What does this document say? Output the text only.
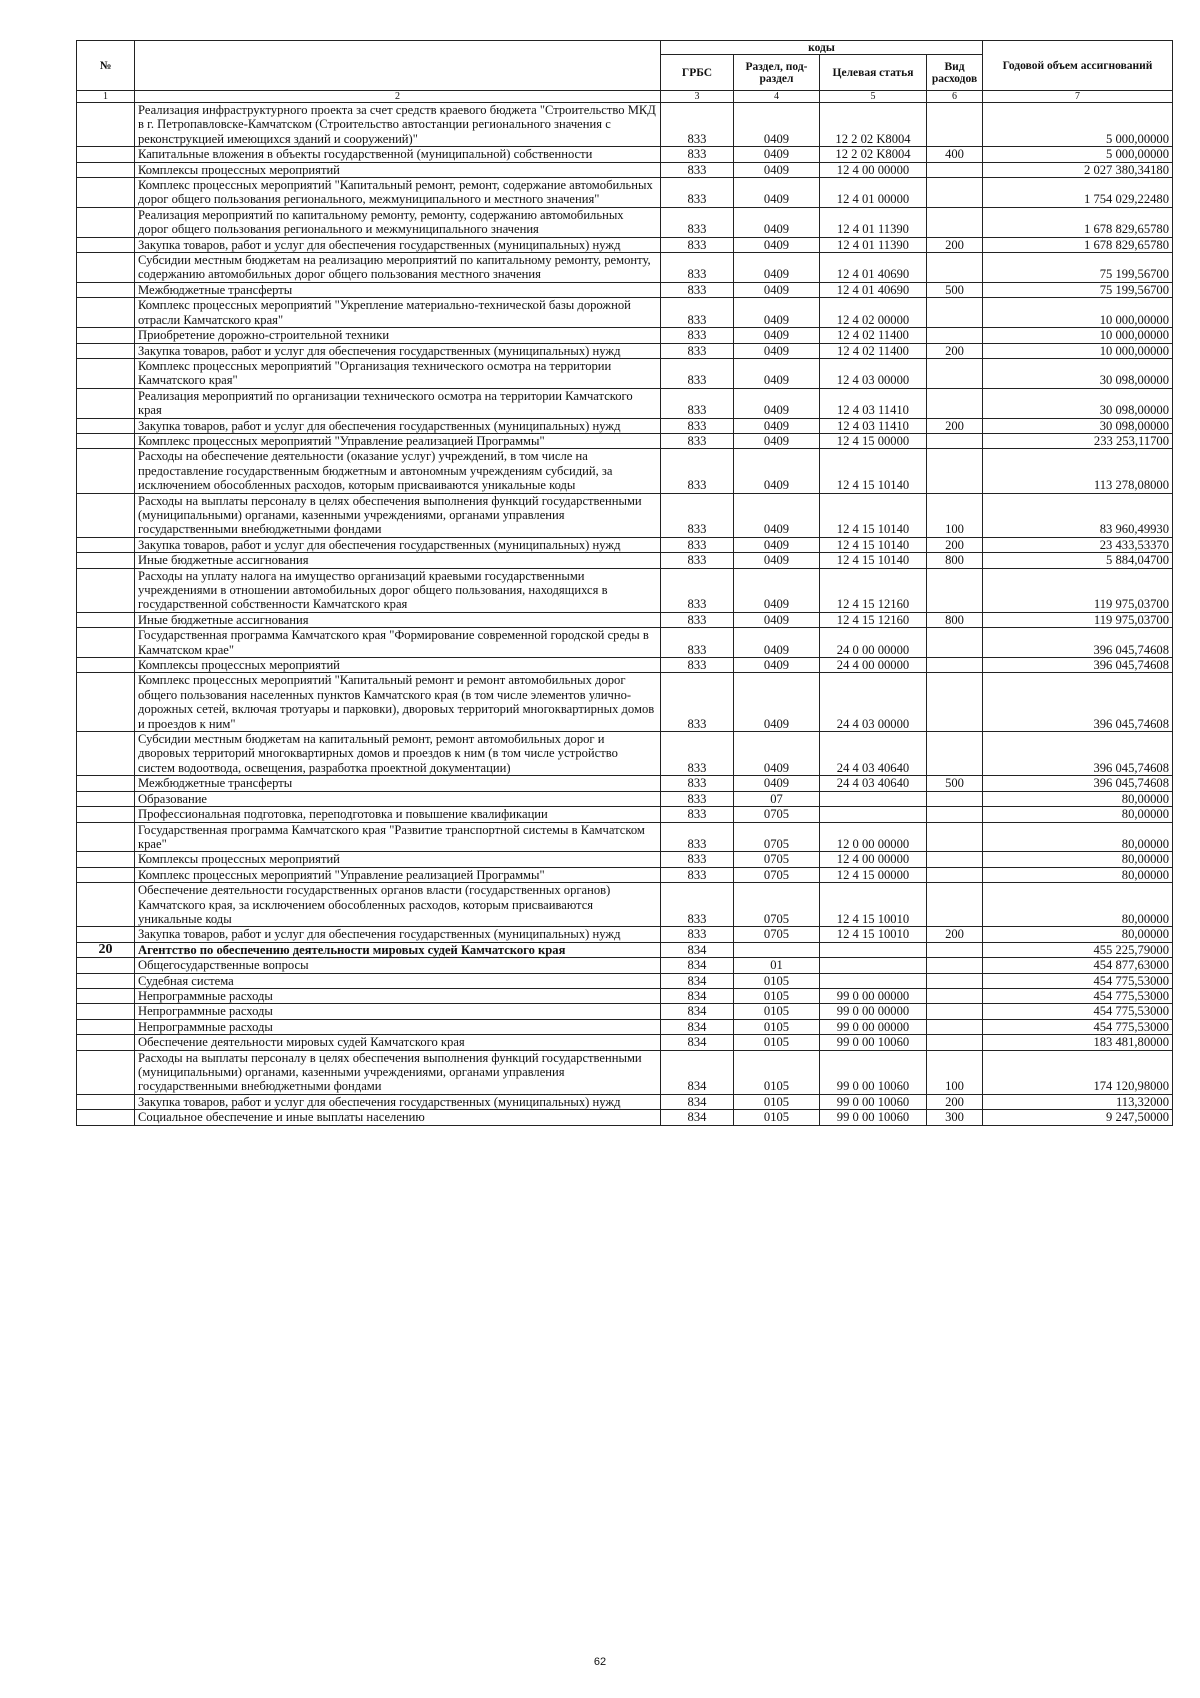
№		коды				Годовой объем ассигнований
		ГРБС	Раздел, под-раздел	Целевая статья	Вид расходов	
1	2	3	4	5	6	7
	Реализация инфраструктурного проекта за счет средств краевого бюджета "Строительство МКД в г. Петропавловске-Камчатском (Строительство автостанции регионального значения с реконструкцией имеющихся зданий и сооружений)"	833	0409	12 2 02 K8004		5 000,00000
	Капитальные вложения в объекты государственной (муниципальной) собственности	833	0409	12 2 02 K8004	400	5 000,00000
	Комплексы процессных мероприятий	833	0409	12 4 00 00000		2 027 380,34180
	Комплекс процессных мероприятий "Капитальный ремонт, ремонт, содержание автомобильных дорог общего пользования регионального, межмуниципального и местного значения"	833	0409	12 4 01 00000		1 754 029,22480
	Реализация мероприятий по капитальному ремонту, ремонту, содержанию автомобильных дорог общего пользования регионального и межмуниципального значения	833	0409	12 4 01 11390		1 678 829,65780
	Закупка товаров, работ и услуг для обеспечения государственных (муниципальных) нужд	833	0409	12 4 01 11390	200	1 678 829,65780
	Субсидии местным бюджетам на реализацию мероприятий по капитальному ремонту, ремонту, содержанию автомобильных дорог общего пользования местного значения	833	0409	12 4 01 40690		75 199,56700
	Межбюджетные трансферты	833	0409	12 4 01 40690	500	75 199,56700
	Комплекс процессных мероприятий "Укрепление материально-технической базы дорожной отрасли Камчатского края"	833	0409	12 4 02 00000		10 000,00000
	Приобретение дорожно-строительной техники	833	0409	12 4 02 11400		10 000,00000
	Закупка товаров, работ и услуг для обеспечения государственных (муниципальных) нужд	833	0409	12 4 02 11400	200	10 000,00000
	Комплекс процессных мероприятий "Организация технического осмотра на территории Камчатского края"	833	0409	12 4 03 00000		30 098,00000
	Реализация мероприятий по организации технического осмотра на территории Камчатского края	833	0409	12 4 03 11410		30 098,00000
	Закупка товаров, работ и услуг для обеспечения государственных (муниципальных) нужд	833	0409	12 4 03 11410	200	30 098,00000
	Комплекс процессных мероприятий "Управление реализацией Программы"	833	0409	12 4 15 00000		233 253,11700
	Расходы на обеспечение деятельности (оказание услуг) учреждений, в том числе на предоставление государственным бюджетным и автономным учреждениям субсидий, за исключением обособленных расходов, которым присваиваются уникальные коды	833	0409	12 4 15 10140		113 278,08000
	Расходы на выплаты персоналу в целях обеспечения выполнения функций государственными (муниципальными) органами, казенными учреждениями, органами управления государственными внебюджетными фондами	833	0409	12 4 15 10140	100	83 960,49930
	Закупка товаров, работ и услуг для обеспечения государственных (муниципальных) нужд	833	0409	12 4 15 10140	200	23 433,53370
	Иные бюджетные ассигнования	833	0409	12 4 15 10140	800	5 884,04700
	Расходы на уплату налога на имущество организаций краевыми государственными учреждениями в отношении автомобильных дорог общего пользования, находящихся в государственной собственности Камчатского края	833	0409	12 4 15 12160		119 975,03700
	Иные бюджетные ассигнования	833	0409	12 4 15 12160	800	119 975,03700
	Государственная программа Камчатского края "Формирование современной городской среды в Камчатском крае"	833	0409	24 0 00 00000		396 045,74608
	Комплексы процессных мероприятий	833	0409	24 4 00 00000		396 045,74608
	Комплекс процессных мероприятий "Капитальный ремонт и ремонт автомобильных дорог общего пользования населенных пунктов Камчатского края (в том числе элементов улично-дорожных сетей, включая тротуары и парковки), дворовых территорий многоквартирных домов и проездов к ним"	833	0409	24 4 03 00000		396 045,74608
	Субсидии местным бюджетам на капитальный ремонт, ремонт автомобильных дорог и дворовых территорий многоквартирных домов и проездов к ним (в том числе устройство систем водоотвода, освещения, разработка проектной документации)	833	0409	24 4 03 40640		396 045,74608
	Межбюджетные трансферты	833	0409	24 4 03 40640	500	396 045,74608
	Образование	833	07			80,00000
	Профессиональная подготовка, переподготовка и повышение квалификации	833	0705			80,00000
	Государственная программа Камчатского края "Развитие транспортной системы в Камчатском крае"	833	0705	12 0 00 00000		80,00000
	Комплексы процессных мероприятий	833	0705	12 4 00 00000		80,00000
	Комплекс процессных мероприятий "Управление реализацией Программы"	833	0705	12 4 15 00000		80,00000
	Обеспечение деятельности государственных органов власти (государственных органов) Камчатского края, за исключением обособленных расходов, которым присваиваются уникальные коды	833	0705	12 4 15 10010		80,00000
	Закупка товаров, работ и услуг для обеспечения государственных (муниципальных) нужд	833	0705	12 4 15 10010	200	80,00000
20	Агентство по обеспечению деятельности мировых судей Камчатского края	834				455 225,79000
	Общегосударственные вопросы	834	01			454 877,63000
	Судебная система	834	0105			454 775,53000
	Непрограммные расходы	834	0105	99 0 00 00000		454 775,53000
	Непрограммные расходы	834	0105	99 0 00 00000		454 775,53000
	Непрограммные расходы	834	0105	99 0 00 00000		454 775,53000
	Обеспечение деятельности мировых судей Камчатского края	834	0105	99 0 00 10060		183 481,80000
	Расходы на выплаты персоналу в целях обеспечения выполнения функций государственными (муниципальными) органами, казенными учреждениями, органами управления государственными внебюджетными фондами	834	0105	99 0 00 10060	100	174 120,98000
	Закупка товаров, работ и услуг для обеспечения государственных (муниципальных) нужд	834	0105	99 0 00 10060	200	113,32000
	Социальное обеспечение и иные выплаты населению	834	0105	99 0 00 10060	300	9 247,50000
62
